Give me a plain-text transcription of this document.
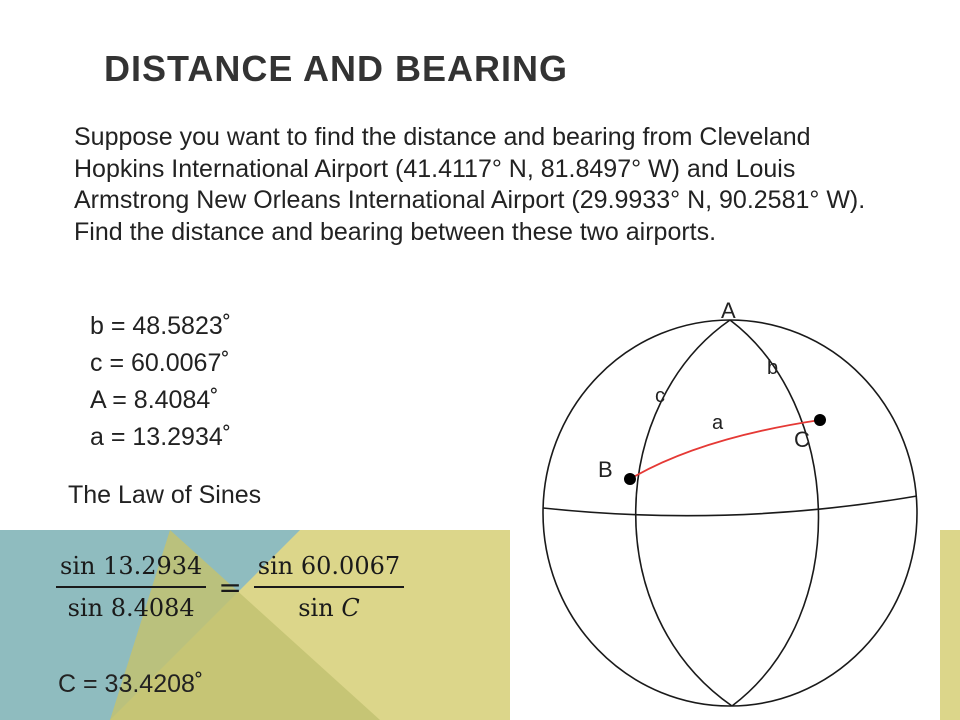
DISTANCE AND BEARING

Suppose you want to find the distance and bearing from Cleveland Hopkins International Airport (41.4117° N, 81.8497° W) and Louis Armstrong New Orleans International Airport (29.9933° N, 90.2581° W). Find the distance and bearing between these two airports.

b = 48.5823˚
c = 60.0067˚
A = 8.4084˚
a = 13.2934˚
The Law of Sines
$\frac{\sin 13.2934}{\sin 8.4084} = \frac{\sin 60.0067}{\text{sin C}}$
C = 33.4208˚
A
B
C
a
b
c
